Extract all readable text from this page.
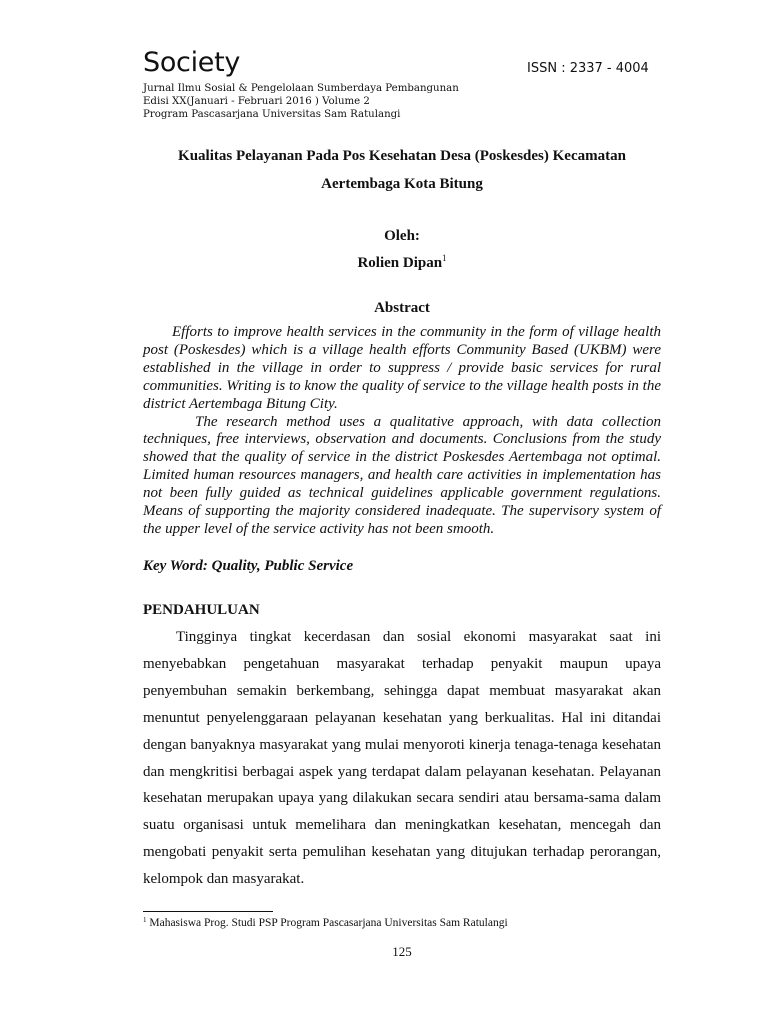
Society	ISSN : 2337 - 4004
Jurnal Ilmu Sosial & Pengelolaan Sumberdaya Pembangunan
Edisi XX(Januari - Februari 2016 ) Volume 2
Program Pascasarjana Universitas Sam Ratulangi
Kualitas Pelayanan Pada Pos Kesehatan Desa (Poskesdes) Kecamatan
Aertembaga Kota Bitung

Oleh:

Rolien Dipan$^1$

Abstract

Efforts to improve health services in the community in the form of village health post (Poskesdes) which is a village health efforts Community Based (UKBM) were established in the village in order to suppress / provide basic services for rural communities. Writing is to know the quality of service to the village health posts in the district Aertembaga Bitung City.

The research method uses a qualitative approach, with data collection techniques, free interviews, observation and documents. Conclusions from the study showed that the quality of service in the district Poskesdes Aertembaga not optimal. Limited human resources managers, and health care activities in implementation has not been fully guided as technical guidelines applicable government regulations. Means of supporting the majority considered inadequate. The supervisory system of the upper level of the service activity has not been smooth.

Key Word: Quality, Public Service
PENDAHULUAN

Tingginya tingkat kecerdasan dan sosial ekonomi masyarakat saat ini menyebabkan pengetahuan masyarakat terhadap penyakit maupun upaya penyembuhan semakin berkembang, sehingga dapat membuat masyarakat akan menuntut penyelenggaraan pelayanan kesehatan yang berkualitas. Hal ini ditandai dengan banyaknya masyarakat yang mulai menyoroti kinerja tenaga-tenaga kesehatan dan mengkritisi berbagai aspek yang terdapat dalam pelayanan kesehatan. Pelayanan kesehatan merupakan upaya yang dilakukan secara sendiri atau bersama-sama dalam suatu organisasi untuk memelihara dan meningkatkan kesehatan, mencegah dan mengobati penyakit serta pemulihan kesehatan yang ditujukan terhadap perorangan, kelompok dan masyarakat.

$^1$ Mahasiswa Prog. Studi PSP Program Pascasarjana Universitas Sam Ratulangi
125
